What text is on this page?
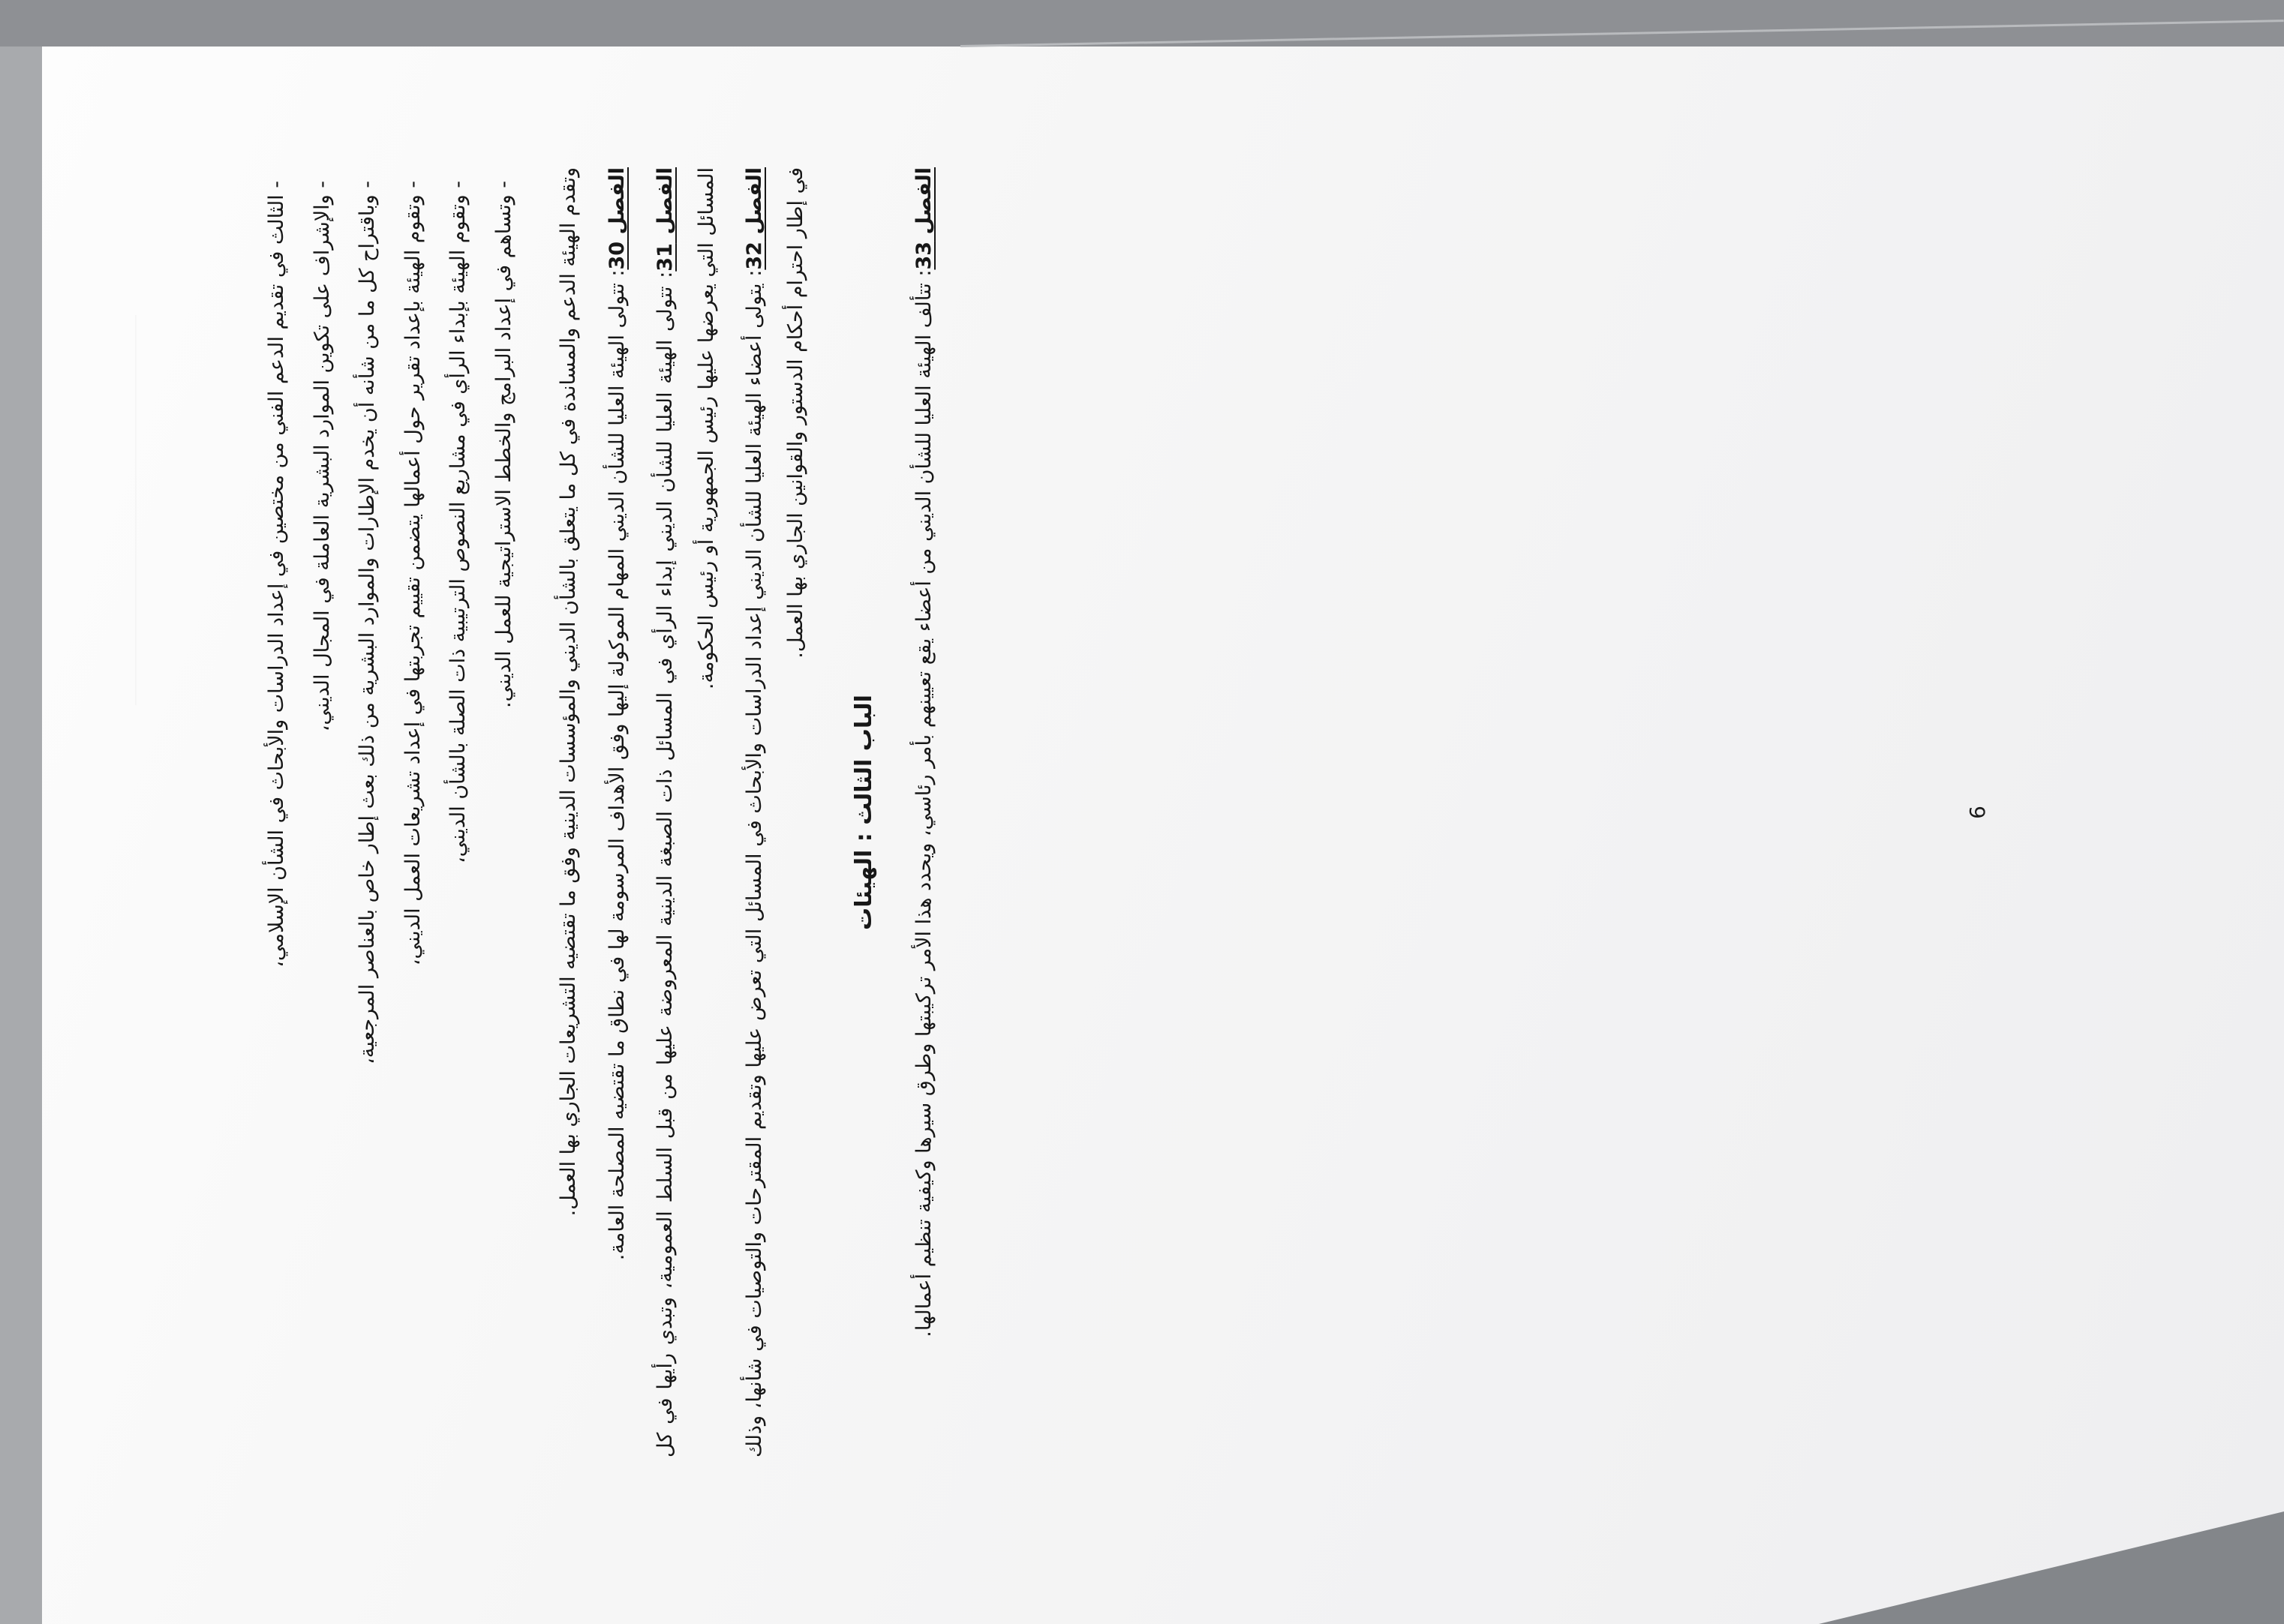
- الثالث في تقديم الدعم الفني من مختصين في إعداد الدراسات والأبحاث في الشأن الإسلامي،	- والإشراف على تكوين الموارد البشرية العاملة في المجال الديني،	- وباقتراح كل ما من شأنه أن يخدم الإطارات والموارد البشرية من ذلك بعث إطار خاص بالعناصر المرجعية،	- وتقوم الهيئة بإعداد تقرير حول أعمالها يتضمن تقييم تجربتها في إعداد تشريعات العمل الديني،	- وتقوم الهيئة بإبداء الرأي في مشاريع النصوص الترتيبية ذات الصلة بالشأن الديني،	- وتساهم في إعداد البرامج والخطط الاستراتيجية للعمل الديني.	وتقدم الهيئة الدعم والمساندة في كل ما يتعلق بالشأن الديني والمؤسسات الدينية وفق ما تقتضيه التشريعات الجاري بها العمل.	الفصل 30: تتولى الهيئة العليا للشأن الديني المهام الموكولة إليها وفق الأهداف المرسومة لها في نطاق ما تقتضيه المصلحة العامة.

الفصل 31: تتولى الهيئة العليا للشأن الديني إبداء الرأي في المسائل ذات الصبغة الدينية المعروضة عليها من قبل السلط العمومية، وتبدي رأيها في كل المسائل التي يعرضها عليها رئيس الجمهورية أو رئيس الحكومة.	الفصل 32: يتولى أعضاء الهيئة العليا للشأن الديني إعداد الدراسات والأبحاث في المسائل التي تعرض عليها وتقديم المقترحات والتوصيات في شأنها، وذلك في إطار احترام أحكام الدستور والقوانين الجاري بها العمل.

الباب الثالث : الهيئات

الفصل 33: تتألف الهيئة العليا للشأن الديني من أعضاء يقع تعيينهم بأمر رئاسي، ويحدد هذا الأمر تركيبتها وطرق سيرها وكيفية تنظيم أعمالها.	6
